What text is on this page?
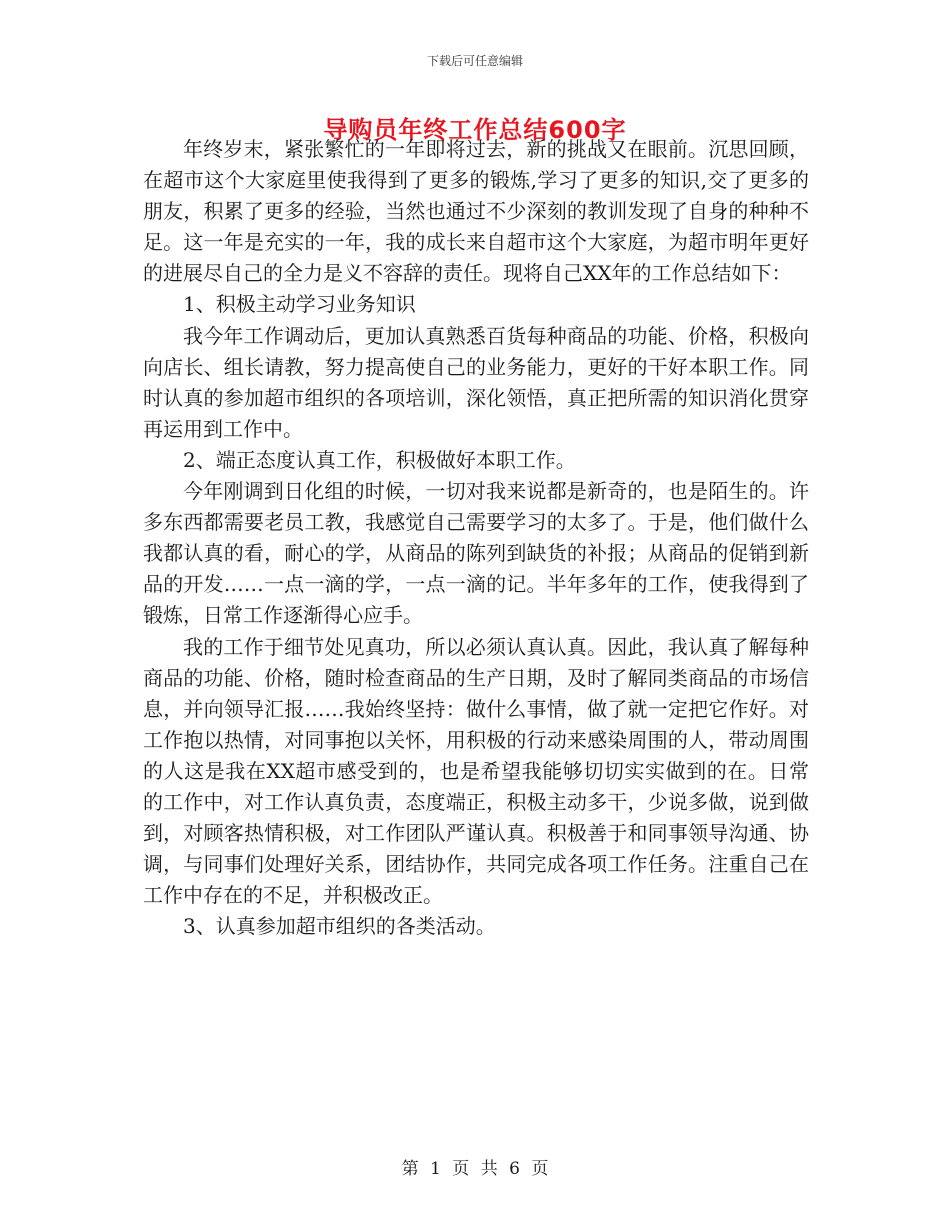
下载后可任意编辑
导购员年终工作总结600字

年终岁末，紧张繁忙的一年即将过去，新的挑战又在眼前。沉思回顾，在超市这个大家庭里使我得到了更多的锻炼,学习了更多的知识,交了更多的朋友，积累了更多的经验，当然也通过不少深刻的教训发现了自身的种种不足。这一年是充实的一年，我的成长来自超市这个大家庭，为超市明年更好的进展尽自己的全力是义不容辞的责任。现将自己XX年的工作总结如下：

1、积极主动学习业务知识

我今年工作调动后，更加认真熟悉百货每种商品的功能、价格，积极向向店长、组长请教，努力提高使自己的业务能力，更好的干好本职工作。同时认真的参加超市组织的各项培训，深化领悟，真正把所需的知识消化贯穿再运用到工作中。

2、端正态度认真工作，积极做好本职工作。

今年刚调到日化组的时候，一切对我来说都是新奇的，也是陌生的。许多东西都需要老员工教，我感觉自己需要学习的太多了。于是，他们做什么我都认真的看，耐心的学，从商品的陈列到缺货的补报；从商品的促销到新品的开发……一点一滴的学，一点一滴的记。半年多年的工作，使我得到了锻炼，日常工作逐渐得心应手。

我的工作于细节处见真功，所以必须认真认真。因此，我认真了解每种商品的功能、价格，随时检查商品的生产日期，及时了解同类商品的市场信息，并向领导汇报……我始终坚持：做什么事情，做了就一定把它作好。对工作抱以热情，对同事抱以关怀，用积极的行动来感染周围的人，带动周围的人这是我在XX超市感受到的，也是希望我能够切切实实做到的在。日常的工作中，对工作认真负责，态度端正，积极主动多干，少说多做，说到做到，对顾客热情积极，对工作团队严谨认真。积极善于和同事领导沟通、协调，与同事们处理好关系，团结协作，共同完成各项工作任务。注重自己在工作中存在的不足，并积极改正。

3、认真参加超市组织的各类活动。

第 1 页 共 6 页
